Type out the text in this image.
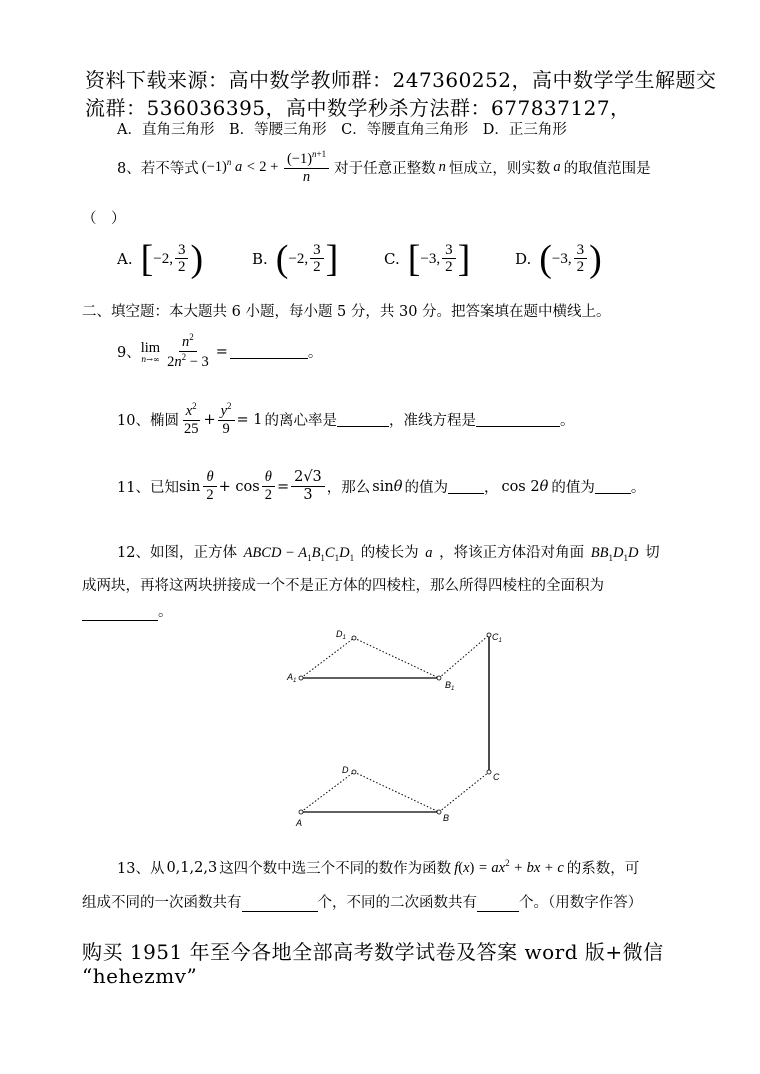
资料下载来源：高中数学教师群：247360252，高中数学学生解题交
流群：536036395，高中数学秒杀方法群：677837127，
A．直角三角形　B．等腰三角形　C．等腰直角三角形　D．正三角形
8、若不等式 $(-1)^n$ $a < 2 + \frac{(-1)^{n+1}}{n}$ 对于任意正整数 n 恒成立，则实数 a 的取值范围是
（　）
A. [ −2, $\frac{3}{2}$ )	B. ( −2, $\frac{3}{2}$ ]	C. [ −3, $\frac{3}{2}$ ]	D. ( −3, $\frac{3}{2}$ )
二、填空题：本大题共 6 小题，每小题 5 分，共 30 分。把答案填在题中横线上。
9、 lim
$n\to\infty \frac{n^2}{2n^2 - 3}$ =	。
10、椭圆 $\frac{x^2}{25} + \frac{y^2}{9} = 1$ 的离心率是	，准线方程是	。
11、已知 $\sin \frac{\theta}{2} + \cos \frac{\theta}{2} = \frac{2√3}{3}$ ，那么 sinθ 的值为 ， cos 2θ 的值为 。
12、如图，正方体 ABCD − $A_1B_1C_1D_1$ 的棱长为 a ，将该正方体沿对角面 $BB_1D_1D$ 切
成两块，再将这两块拼接成一个不是正方体的四棱柱，那么所得四棱柱的全面积为
。
$D_1$	$C_1$
$A_1$	$B_1$
D
C
A	B
13、从 0,1,2,3 这四个数中选三个不同的数作为函数 $f(x) = ax^2$ + bx + c 的系数，可
组成不同的一次函数共有	个，不同的二次函数共有	个。（用数字作答）
购买 1951 年至今各地全部高考数学试卷及答案 word 版+微信
“hehezmv”
